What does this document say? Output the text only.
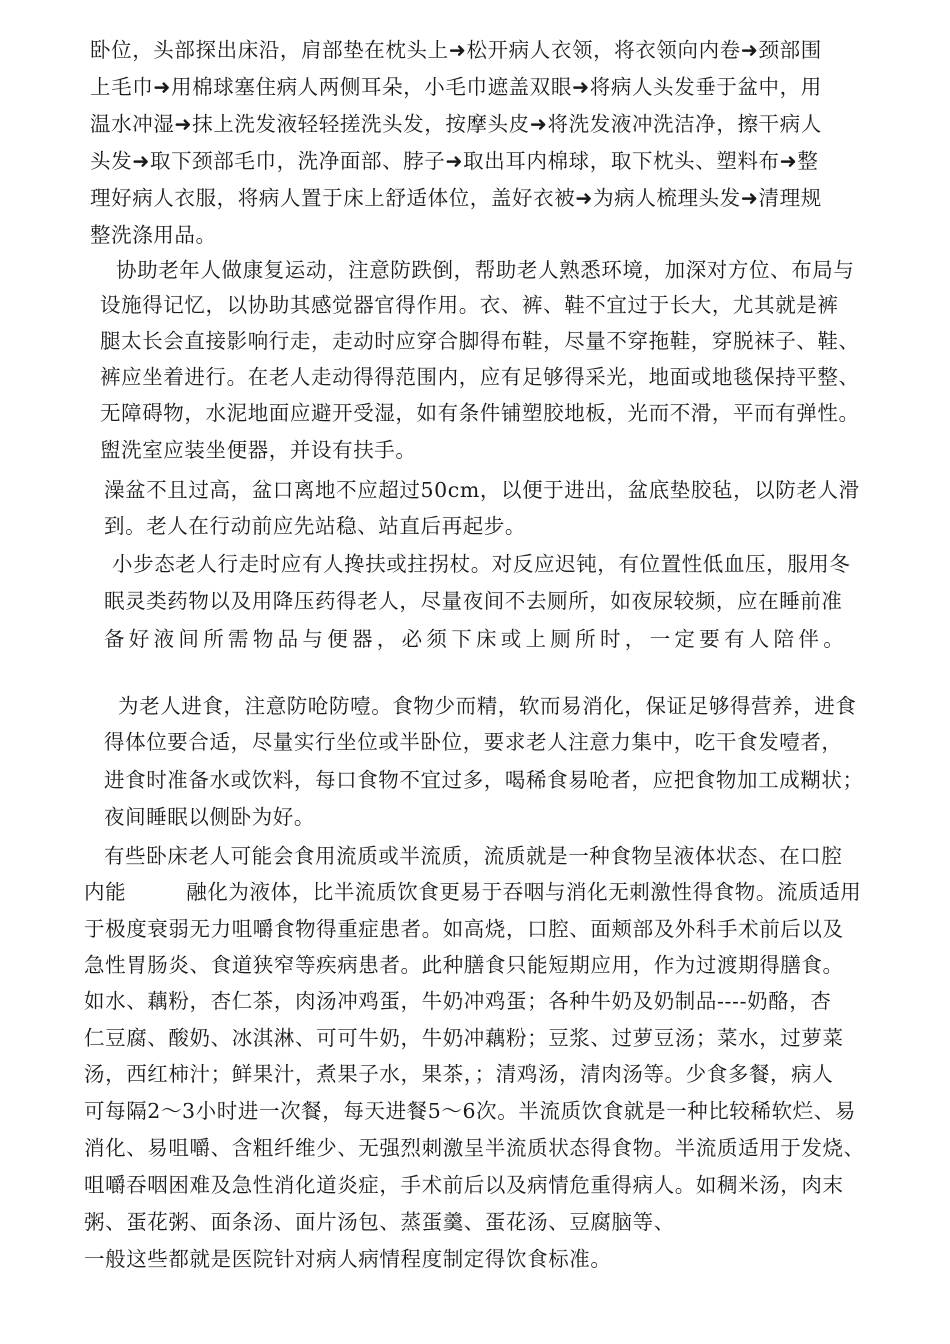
卧位，头部探出床沿，肩部垫在枕头上➜松开病人衣领，将衣领向内卷➜颈部围
上毛巾➜用棉球塞住病人两侧耳朵，小毛巾遮盖双眼➜将病人头发垂于盆中，用
温水冲湿➜抹上洗发液轻轻搓洗头发，按摩头皮➜将洗发液冲洗洁净，擦干病人
头发➜取下颈部毛巾，洗净面部、脖子➜取出耳内棉球，取下枕头、塑料布➜整
理好病人衣服，将病人置于床上舒适体位，盖好衣被➜为病人梳理头发➜清理规
整洗涤用品。
协助老年人做康复运动，注意防跌倒，帮助老人熟悉环境，加深对方位、布局与
设施得记忆，以协助其感觉器官得作用。衣、裤、鞋不宜过于长大，尤其就是裤
腿太长会直接影响行走，走动时应穿合脚得布鞋，尽量不穿拖鞋，穿脱袜子、鞋、
裤应坐着进行。在老人走动得得范围内，应有足够得采光，地面或地毯保持平整、
无障碍物，水泥地面应避开受湿，如有条件铺塑胶地板，光而不滑，平而有弹性。
盥洗室应装坐便器，并设有扶手。
澡盆不且过高，盆口离地不应超过50cm，以便于进出，盆底垫胶毡，以防老人滑
到。老人在行动前应先站稳、站直后再起步。
小步态老人行走时应有人搀扶或拄拐杖。对反应迟钝，有位置性低血压，服用冬
眠灵类药物以及用降压药得老人，尽量夜间不去厕所，如夜尿较频，应在睡前准
备好液间所需物品与便器，必须下床或上厕所时，一定要有人陪伴。
为老人进食，注意防呛防噎。食物少而精，软而易消化，保证足够得营养，进食
得体位要合适，尽量实行坐位或半卧位，要求老人注意力集中，吃干食发噎者，
进食时准备水或饮料，每口食物不宜过多，喝稀食易呛者，应把食物加工成糊状；
夜间睡眠以侧卧为好。
有些卧床老人可能会食用流质或半流质，流质就是一种食物呈液体状态、在口腔
内能	融化为液体，比半流质饮食更易于吞咽与消化无刺激性得食物。流质适用
于极度衰弱无力咀嚼食物得重症患者。如高烧，口腔、面颊部及外科手术前后以及
急性胃肠炎、食道狭窄等疾病患者。此种膳食只能短期应用，作为过渡期得膳食。
如水、藕粉，杏仁茶，肉汤冲鸡蛋，牛奶冲鸡蛋；各种牛奶及奶制品----奶酪，杏
仁豆腐、酸奶、冰淇淋、可可牛奶，牛奶冲藕粉；豆浆、过萝豆汤；菜水，过萝菜
汤，西红柿汁；鲜果汁，煮果子水，果茶，；清鸡汤，清肉汤等。少食多餐，病人
可每隔2～3小时进一次餐，每天进餐5～6次。半流质饮食就是一种比较稀软烂、易
消化、易咀嚼、含粗纤维少、无强烈刺激呈半流质状态得食物。半流质适用于发烧、
咀嚼吞咽困难及急性消化道炎症，手术前后以及病情危重得病人。如稠米汤，肉末
粥、蛋花粥、面条汤、面片汤包、蒸蛋羹、蛋花汤、豆腐脑等、
一般这些都就是医院针对病人病情程度制定得饮食标准。
